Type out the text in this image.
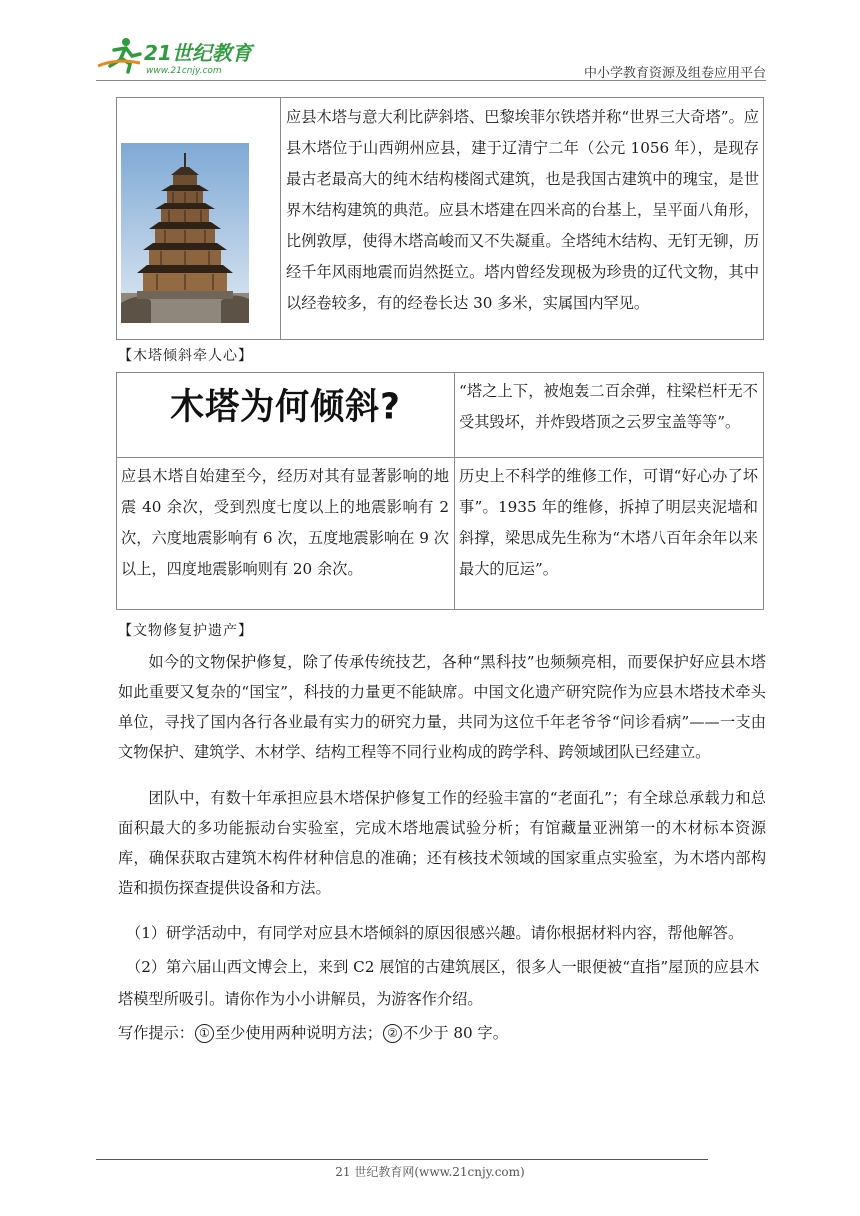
21世纪教育
www.21cnjy.com	中小学教育资源及组卷应用平台
	应县木塔与意大利比萨斜塔、巴黎埃菲尔铁塔并称“世界三大奇塔”。应县木塔位于山西朔州应县，建于辽清宁二年（公元 1056 年），是现存最古老最高大的纯木结构楼阁式建筑，也是我国古建筑中的瑰宝，是世界木结构建筑的典范。应县木塔建在四米高的台基上，呈平面八角形，比例敦厚，使得木塔高峻而又不失凝重。全塔纯木结构、无钉无铆，历经千年风雨地震而岿然挺立。塔内曾经发现极为珍贵的辽代文物，其中以经卷较多，有的经卷长达 30 多米，实属国内罕见。
【木塔倾斜牵人心】
木塔为何倾斜?	“塔之上下，被炮轰二百余弹，柱梁栏杆无不受其毁坏，并炸毁塔顶之云罗宝盖等等”。
应县木塔自始建至今，经历对其有显著影响的地震 40 余次，受到烈度七度以上的地震影响有 2 次，六度地震影响有 6 次，五度地震影响在 9 次以上，四度地震影响则有 20 余次。	历史上不科学的维修工作，可谓“好心办了坏事”。1935 年的维修，拆掉了明层夹泥墙和斜撑，梁思成先生称为“木塔八百年余年以来最大的厄运”。
【文物修复护遗产】
如今的文物保护修复，除了传承传统技艺，各种“黑科技”也频频亮相，而要保护好应县木塔如此重要又复杂的“国宝”，科技的力量更不能缺席。中国文化遗产研究院作为应县木塔技术牵头单位，寻找了国内各行各业最有实力的研究力量，共同为这位千年老爷爷“问诊看病”——一支由文物保护、建筑学、木材学、结构工程等不同行业构成的跨学科、跨领域团队已经建立。
团队中，有数十年承担应县木塔保护修复工作的经验丰富的“老面孔”；有全球总承载力和总面积最大的多功能振动台实验室，完成木塔地震试验分析；有馆藏量亚洲第一的木材标本资源库，确保获取古建筑木构件材种信息的准确；还有核技术领域的国家重点实验室，为木塔内部构造和损伤探查提供设备和方法。
（1）研学活动中，有同学对应县木塔倾斜的原因很感兴趣。请你根据材料内容，帮他解答。
（2）第六届山西文博会上，来到 C2 展馆的古建筑展区，很多人一眼便被“直指”屋顶的应县木
塔模型所吸引。请你作为小小讲解员，为游客作介绍。
写作提示： ① 至少使用两种说明方法； ② 不少于 80 字。
21 世纪教育网(www.21cnjy.com)
